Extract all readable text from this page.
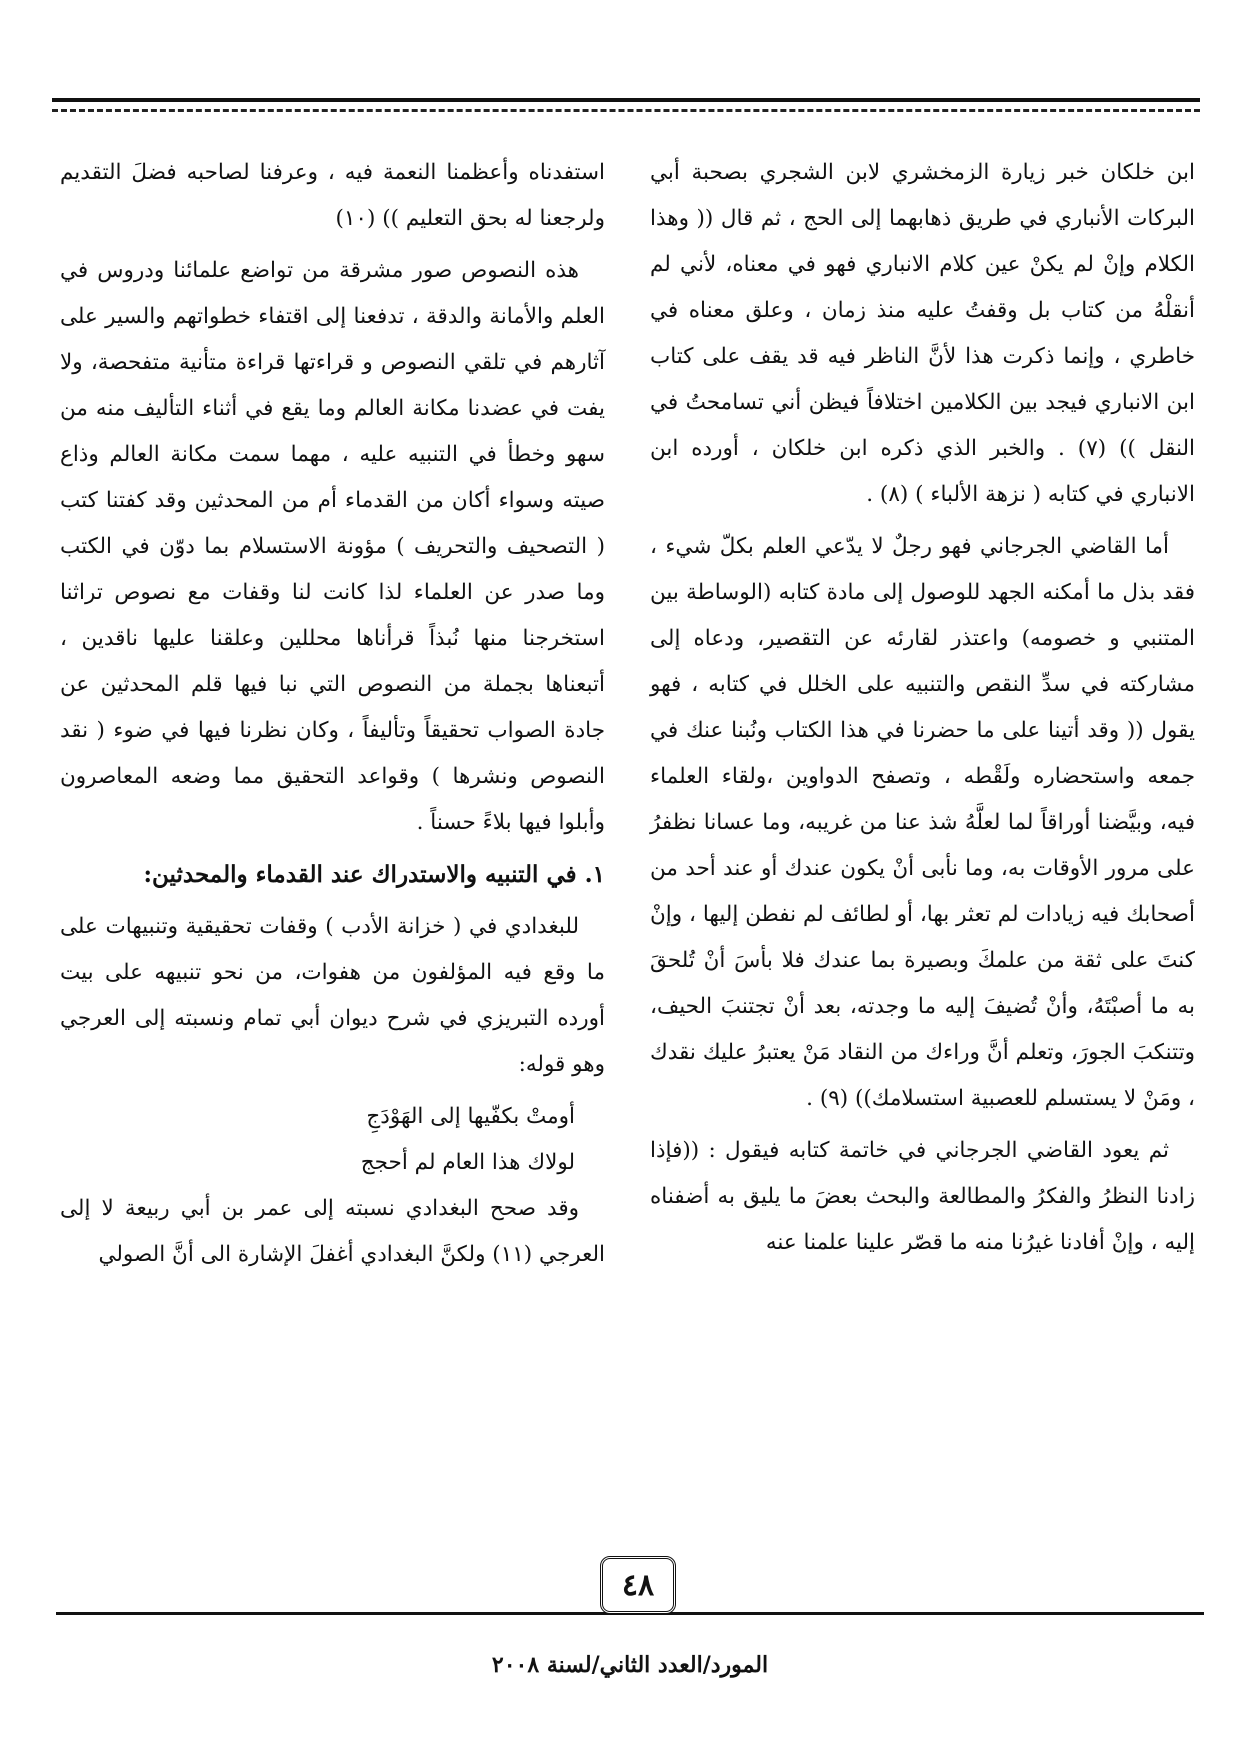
ابن خلكان خبر زيارة الزمخشري لابن الشجري بصحبة أبي البركات الأنباري في طريق ذهابهما إلى الحج ، ثم قال (( وهذا الكلام وإنْ لم يكنْ عين كلام الانباري فهو في معناه، لأني لم أنقلْهُ من كتاب بل وقفتُ عليه منذ زمان ، وعلق معناه في خاطري ، وإنما ذكرت هذا لأنَّ الناظر فيه قد يقف على كتاب ابن الانباري فيجد بين الكلامين اختلافاً فيظن أني تسامحتُ في النقل )) (٧) . والخبر الذي ذكره ابن خلكان ، أورده ابن الانباري في كتابه ( نزهة الألباء ) (٨) .

أما القاضي الجرجاني فهو رجلٌ لا يدّعي العلم بكلّ شيء ، فقد بذل ما أمكنه الجهد للوصول إلى مادة كتابه (الوساطة بين المتنبي و خصومه) واعتذر لقارئه عن التقصير، ودعاه إلى مشاركته في سدِّ النقص والتنبيه على الخلل في كتابه ، فهو يقول (( وقد أتينا على ما حضرنا في هذا الكتاب ونُبنا عنك في جمعه واستحضاره ولَقْطه ، وتصفح الدواوين ،ولقاء العلماء فيه، وبيَّضنا أوراقاً لما لعلَّهُ شذ عنا من غريبه، وما عسانا نظفرُ على مرور الأوقات به، وما نأبى أنْ يكون عندك أو عند أحد من أصحابك فيه زيادات لم تعثر بها، أو لطائف لم نفطن إليها ، وإنْ كنتَ على ثقة من علمكَ وبصيرة بما عندك فلا بأسَ أنْ تُلحقَ به ما أصبْتَهُ، وأنْ تُضيفَ إليه ما وجدته، بعد أنْ تجتنبَ الحيف، وتتنكبَ الجورَ، وتعلم أنَّ وراءك من النقاد مَنْ يعتبرُ عليك نقدك ، ومَنْ لا يستسلم للعصبية استسلامك)) (٩) .

ثم يعود القاضي الجرجاني في خاتمة كتابه فيقول : ((فإذا زادنا النظرُ والفكرُ والمطالعة والبحث بعضَ ما يليق به أضفناه إليه ، وإنْ أفادنا غيرُنا منه ما قصّر علينا علمنا عنه

استفدناه وأعظمنا النعمة فيه ، وعرفنا لصاحبه فضلَ التقديم ولرجعنا له بحق التعليم )) (١٠)

هذه النصوص صور مشرقة من تواضع علمائنا ودروس في العلم والأمانة والدقة ، تدفعنا إلى اقتفاء خطواتهم والسير على آثارهم في تلقي النصوص و قراءتها قراءة متأنية متفحصة، ولا يفت في عضدنا مكانة العالم وما يقع في أثناء التأليف منه من سهو وخطأ في التنبيه عليه ، مهما سمت مكانة العالم وذاع صيته وسواء أكان من القدماء أم من المحدثين وقد كفتنا كتب ( التصحيف والتحريف ) مؤونة الاستسلام بما دوّن في الكتب وما صدر عن العلماء لذا كانت لنا وقفات مع نصوص تراثنا استخرجنا منها نُبذاً قرأناها محللين وعلقنا عليها ناقدين ، أتبعناها بجملة من النصوص التي نبا فيها قلم المحدثين عن جادة الصواب تحقيقاً وتأليفاً ، وكان نظرنا فيها في ضوء ( نقد النصوص ونشرها ) وقواعد التحقيق مما وضعه المعاصرون وأبلوا فيها بلاءً حسناً .

١. في التنبيه والاستدراك عند القدماء والمحدثين:

للبغدادي في ( خزانة الأدب ) وقفات تحقيقية وتنبيهات على ما وقع فيه المؤلفون من هفوات، من نحو تنبيهه على بيت أورده التبريزي في شرح ديوان أبي تمام ونسبته إلى العرجي وهو قوله:

أومتْ بكفّيها إلى الهَوْدَجِ

لولاك هذا العام لم أحجج

وقد صحح البغدادي نسبته إلى عمر بن أبي ربيعة لا إلى العرجي (١١) ولكنَّ البغدادي أغفلَ الإشارة الى أنَّ الصولي

٤٨
المورد/العدد الثاني/لسنة ٢٠٠٨
